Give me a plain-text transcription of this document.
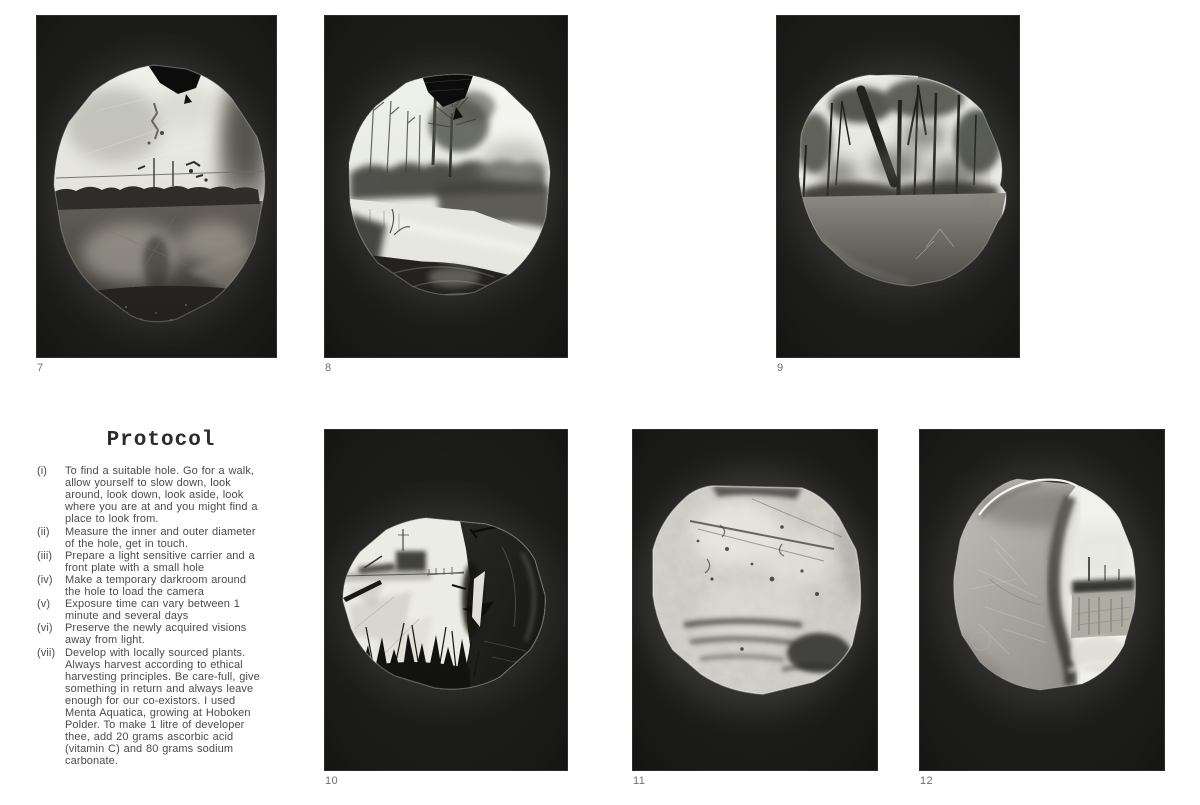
7	8	9
10	11	12
Protocol
(i)	To find a suitable hole. Go for a walk, allow yourself to slow down, look around, look down, look aside, look where you are at and you might find a place to look from.
(ii)	Measure the inner and outer diameter of the hole, get in touch.
(iii)	Prepare a light sensitive carrier and a front plate with a small hole
(iv)	Make a temporary darkroom around the hole to load the camera
(v)	Exposure time can vary between 1 minute and several days
(vi)	Preserve the newly acquired visions away from light.
(vii) Develop with locally sourced plants. Always harvest according to ethical harvesting principles. Be care-full, give something in return and always leave enough for our co-existors. I used Menta Aquatica, growing at Hoboken Polder. To make 1 litre of developer thee, add 20 grams ascorbic acid (vitamin C) and 80 grams sodium carbonate.
